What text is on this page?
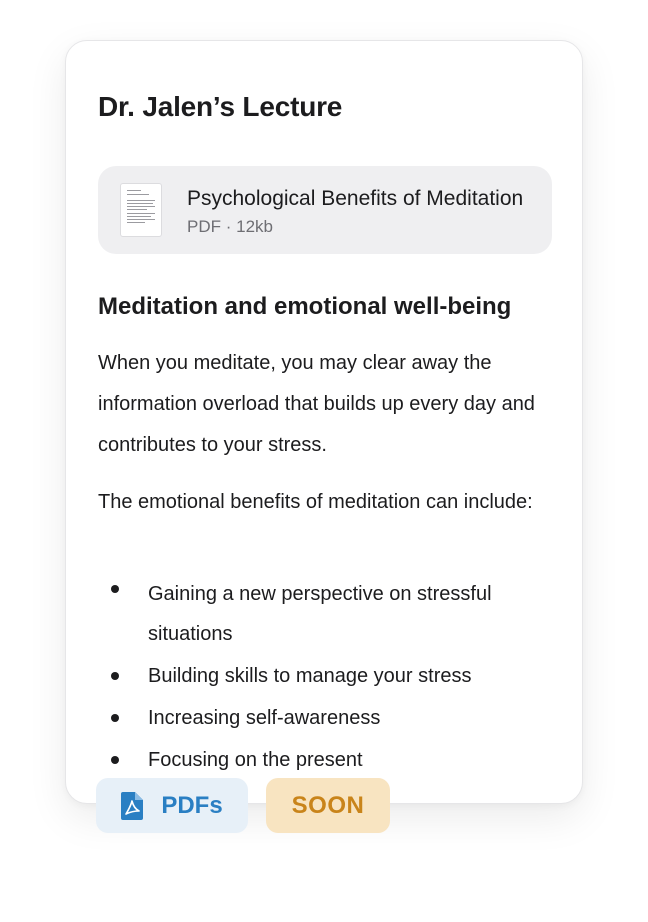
Dr. Jalen’s Lecture
Psychological Benefits of Meditation
PDF · 12kb
Meditation and emotional well-being

When you meditate, you may clear away the information overload that builds up every day and contributes to your stress.

The emotional benefits of meditation can include:

Gaining a new perspective on stressful situations
Building skills to manage your stress
Increasing self-awareness
Focusing on the present
PDFs	SOON
